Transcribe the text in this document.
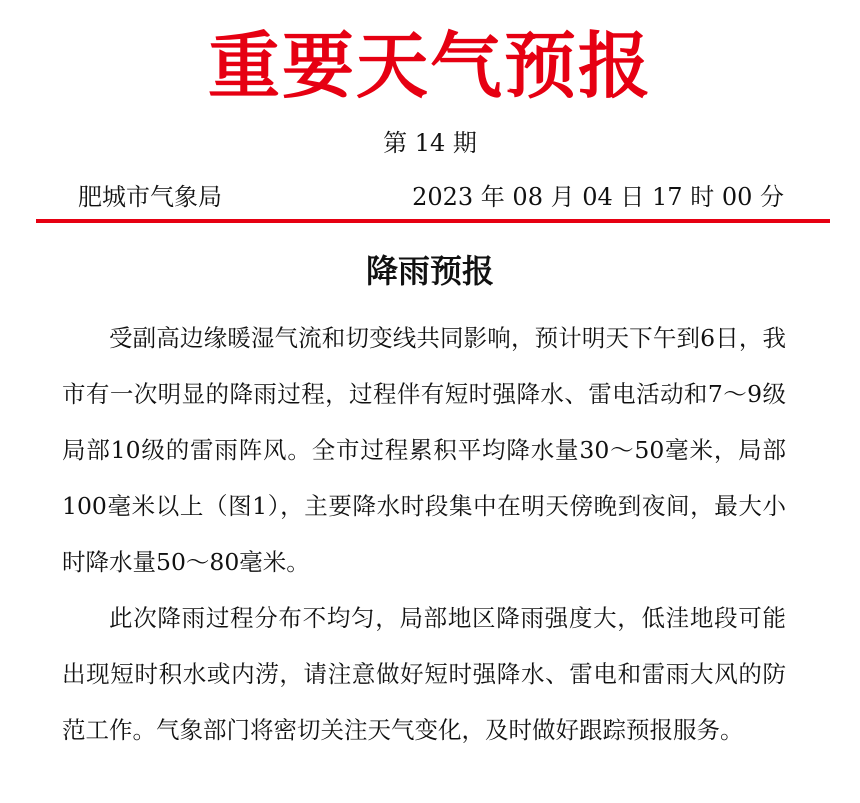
重要天气预报
第 14 期
肥城市气象局	2023 年 08 月 04 日 17 时 00 分
降雨预报

受副高边缘暖湿气流和切变线共同影响，预计明天下午到6日，我市有一次明显的降雨过程，过程伴有短时强降水、雷电活动和7～9级局部10级的雷雨阵风。全市过程累积平均降水量30～50毫米，局部100毫米以上（图1），主要降水时段集中在明天傍晚到夜间，最大小时降水量50～80毫米。

此次降雨过程分布不均匀，局部地区降雨强度大，低洼地段可能出现短时积水或内涝，请注意做好短时强降水、雷电和雷雨大风的防范工作。气象部门将密切关注天气变化，及时做好跟踪预报服务。
